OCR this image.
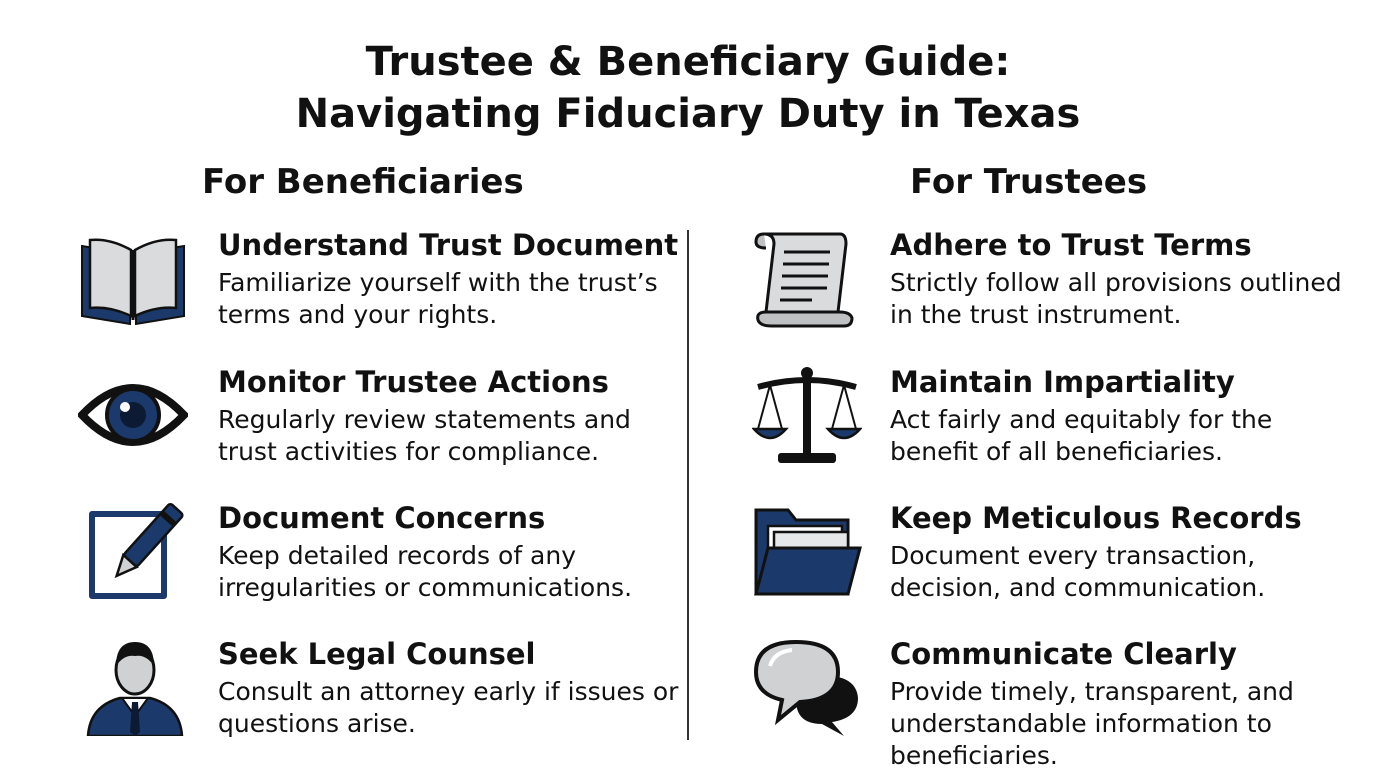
Trustee & Beneficiary Guide:
Navigating Fiduciary Duty in Texas
For Beneficiaries	For Trustees
Understand Trust Document
Familiarize yourself with the trust’s terms and your rights.
Monitor Trustee Actions
Regularly review statements and trust activities for compliance.
Document Concerns
Keep detailed records of any irregularities or communications.
Seek Legal Counsel
Consult an attorney early if issues or questions arise.
Adhere to Trust Terms
Strictly follow all provisions outlined in the trust instrument.
Maintain Impartiality
Act fairly and equitably for the benefit of all beneficiaries.
Keep Meticulous Records
Document every transaction, decision, and communication.
Communicate Clearly
Provide timely, transparent, and understandable information to beneficiaries.
